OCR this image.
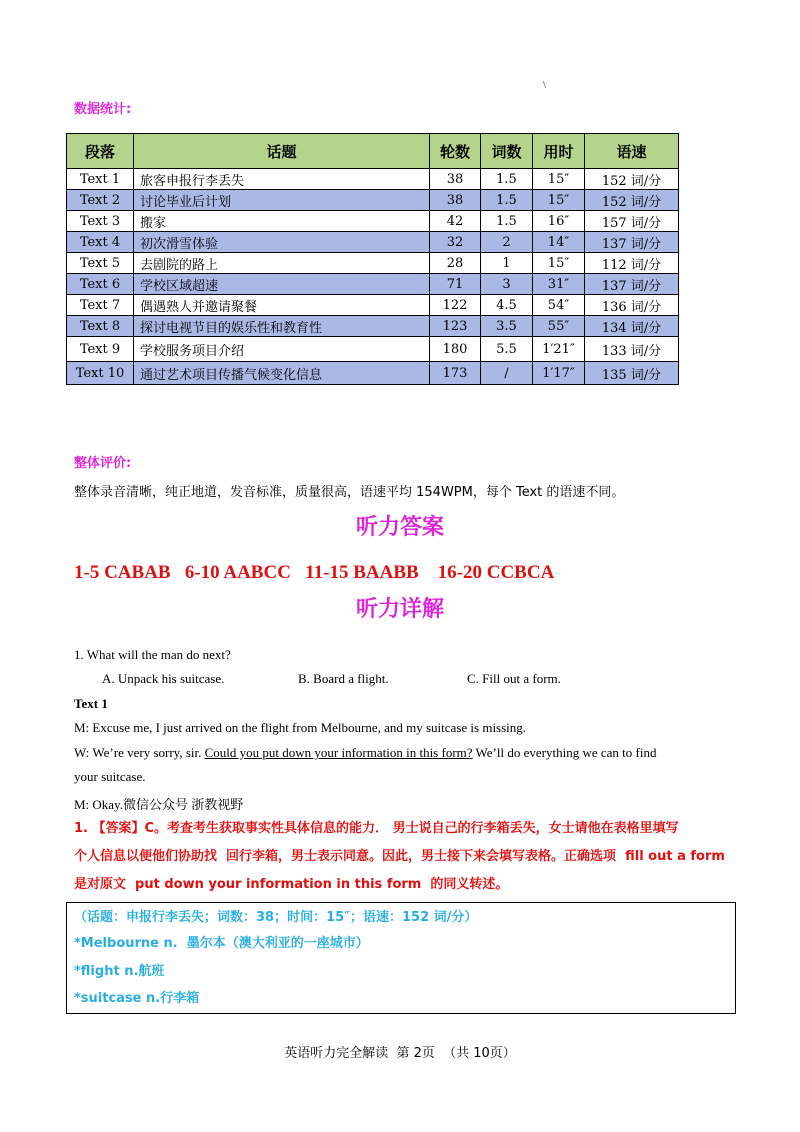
\
数据统计:
段落	话题	轮数	词数	用时	语速
Text 1	旅客申报行李丢失	38	1.5	15″	152 词/分
Text 2	讨论毕业后计划	38	1.5	15″	152 词/分
Text 3	搬家	42	1.5	16″	157 词/分
Text 4	初次滑雪体验	32	2	14″	137 词/分
Text 5	去剧院的路上	28	1	15″	112 词/分
Text 6	学校区域超速	71	3	31″	137 词/分
Text 7	偶遇熟人并邀请聚餐	122	4.5	54″	136 词/分
Text 8	探讨电视节目的娱乐性和教育性	123	3.5	55″	134 词/分
Text 9	学校服务项目介绍	180	5.5	1′21″	133 词/分
Text 10	通过艺术项目传播气候变化信息	173	/	1′17″	135 词/分
整体评价:
整体录音清晰，纯正地道，发音标准，质量很高，语速平均 154WPM，每个 Text 的语速不同。
听力答案
1-5 CABAB   6-10 AABCC   11-15 BAABB    16-20 CCBCA
听力详解
1. What will the man do next?
A. Unpack his suitcase.	B. Board a flight.	C. Fill out a form.
Text 1
M: Excuse me, I just arrived on the flight from Melbourne, and my suitcase is missing.
W: We’re very sorry, sir. Could you put down your information in this form? We’ll do everything we can to find
your suitcase.
M: Okay.微信公众号 浙教视野
1. 【答案】C。考查考生获取事实性具体信息的能力． 男士说自己的行李箱丢失，女士请他在表格里填写
个人信息以便他们协助找  回行李箱，男士表示同意。因此，男士接下来会填写表格。正确选项  fill out a form
是对原文  put down your information in this form  的同义转述。
（话题：申报行李丢失；词数：38；时间：15″；语速：152 词/分）
*Melbourne n.  墨尔本（澳大利亚的一座城市）
*flight n.航班
*suitcase n.行李箱
英语听力完全解读  第 2页  （共 10页）
